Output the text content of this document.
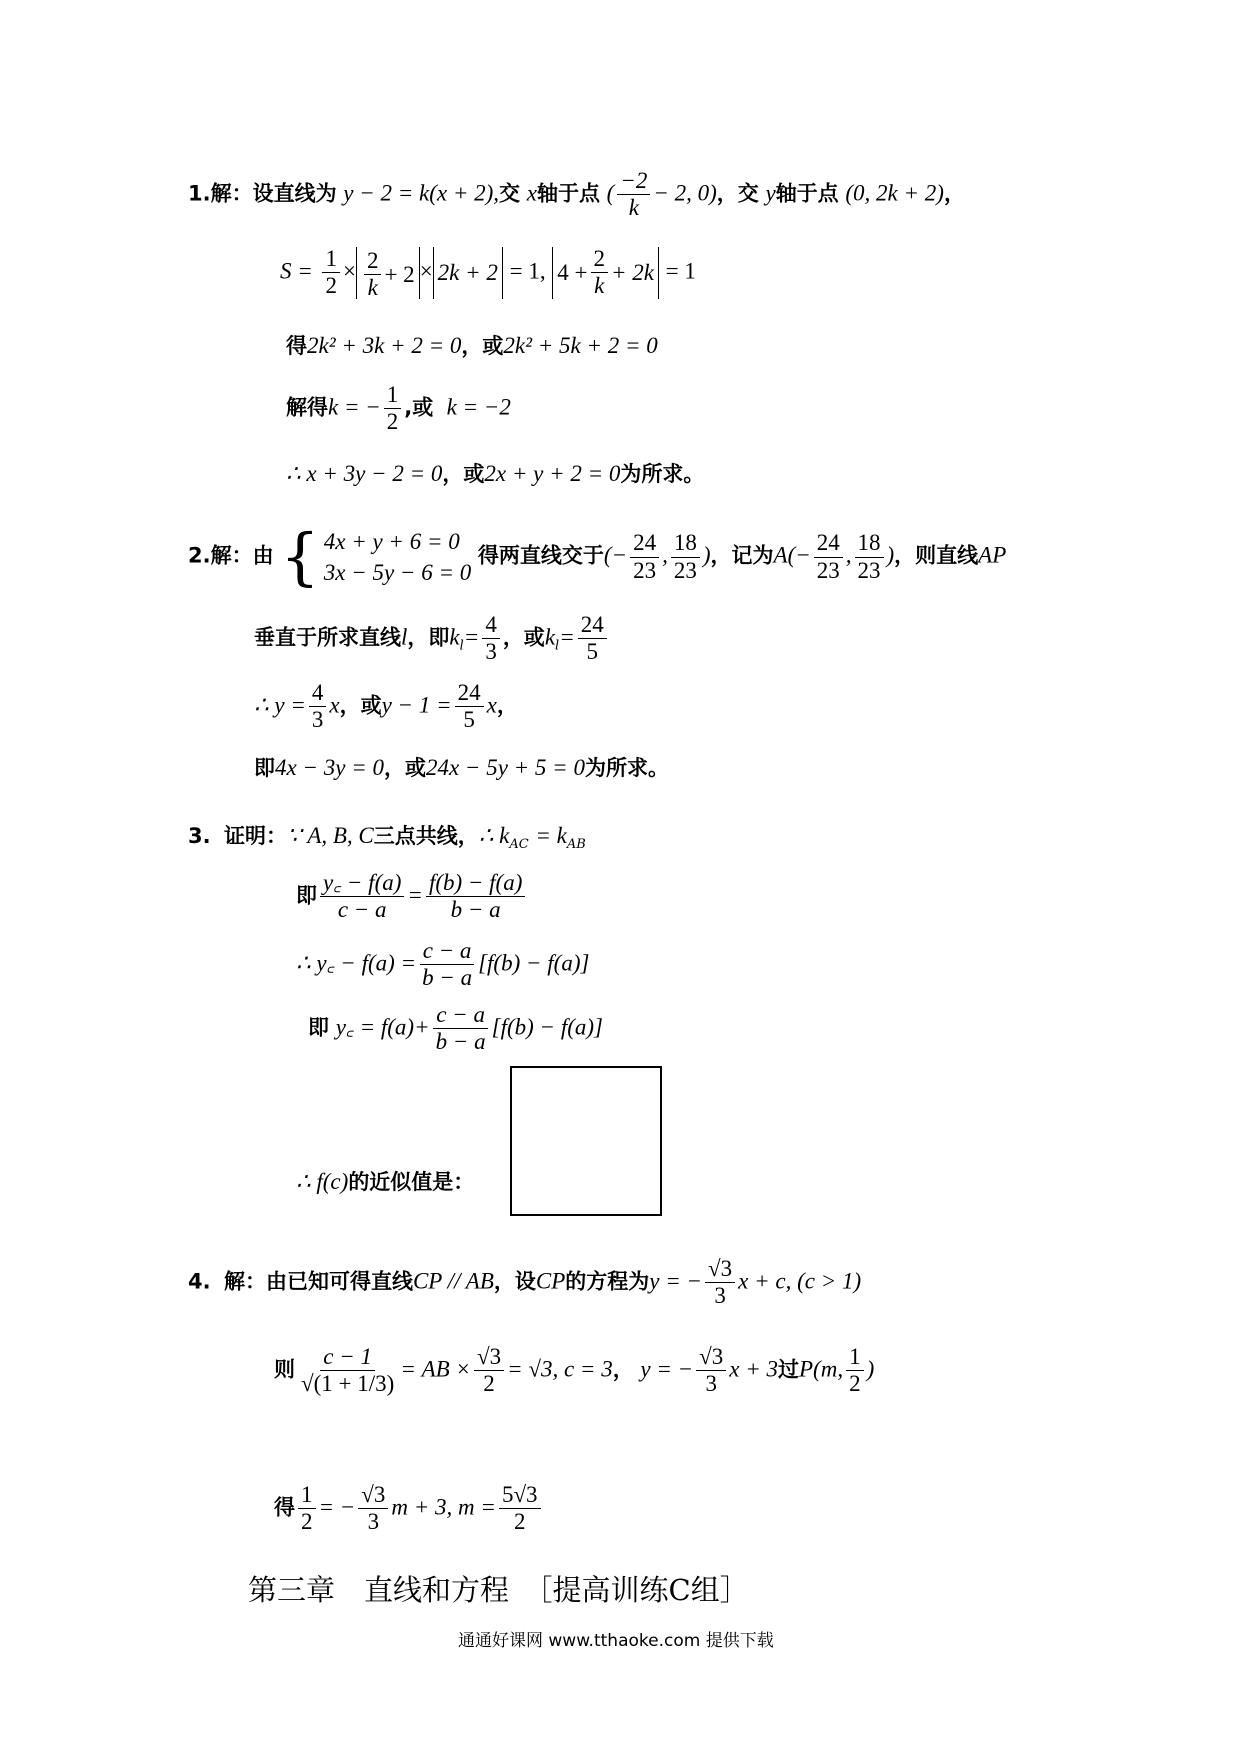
1.解：设直线为 y − 2 = k(x + 2),交 x轴于点 ( $\frac{-2}{k} - 2$, 0)，交 y轴于点 (0, 2k + 2)，
$S = \frac{1}{2} \times \frac{2}{k} + 2 \times 2k + 2 = 1$, $4 + \frac{2}{k} + 2k = 1$
得2k² + 3k + 2 = 0，或2k² + 5k + 2 = 0
解得k = − $\frac{1}{2}$ ,或 k = −2
∴ x + 3y − 2 = 0，或2x + y + 2 = 0为所求。
2.解：由 { 4x + y + 6 = 0
3x − 5y − 6 = 0
得两直线交于(− $\frac{24}{23}$ , $\frac{18}{23}$ )，记为$A(- \frac{24}{23}$ , $\frac{18}{23}$ )，则直线AP
垂直于所求直线l，即$k_l= \frac{4}{3}$ ，或$k_l= \frac{24}{5}$
∴ $y = \frac{4}{3}$ x，或$y - 1 = \frac{24}{5}$ x，
即4x − 3y = 0，或24x − 5y + 5 = 0为所求。
3. 证明：∵ A, B, C三点共线，∴ $k_{AC} = k_{AB}$
即 $\frac{y꜀ - f(a)}{c - a} = \frac{f(b) - f(a)}{b - a}$
∴ y꜀ − $f(a) = \frac{c - a}{b - a} [f(b) - f(a)]$
即 y꜀ = $f(a)+ \frac{c - a}{b - a} [f(b) - f(a)]$
∴ f(c)的近似值是：
4. 解：由已知可得直线CP // AB，设CP的方程为y = − $\frac{√3}{3}$ x + c, (c > 1)
则 $\frac{c - 1}{√(1 + 1/3)}$ = AB × $\frac{√3}{2} = √3$, c = 3， y = − $\frac{√3}{3}$ x + 3过P(m, $\frac{1}{2}$ )
得 $\frac{1}{2}$ = − $\frac{√3}{3}$ m + 3, $m = \frac{5√3}{2}$
第三章　直线和方程　［提高训练C组］
通通好课网 www.tthaoke.com 提供下载
